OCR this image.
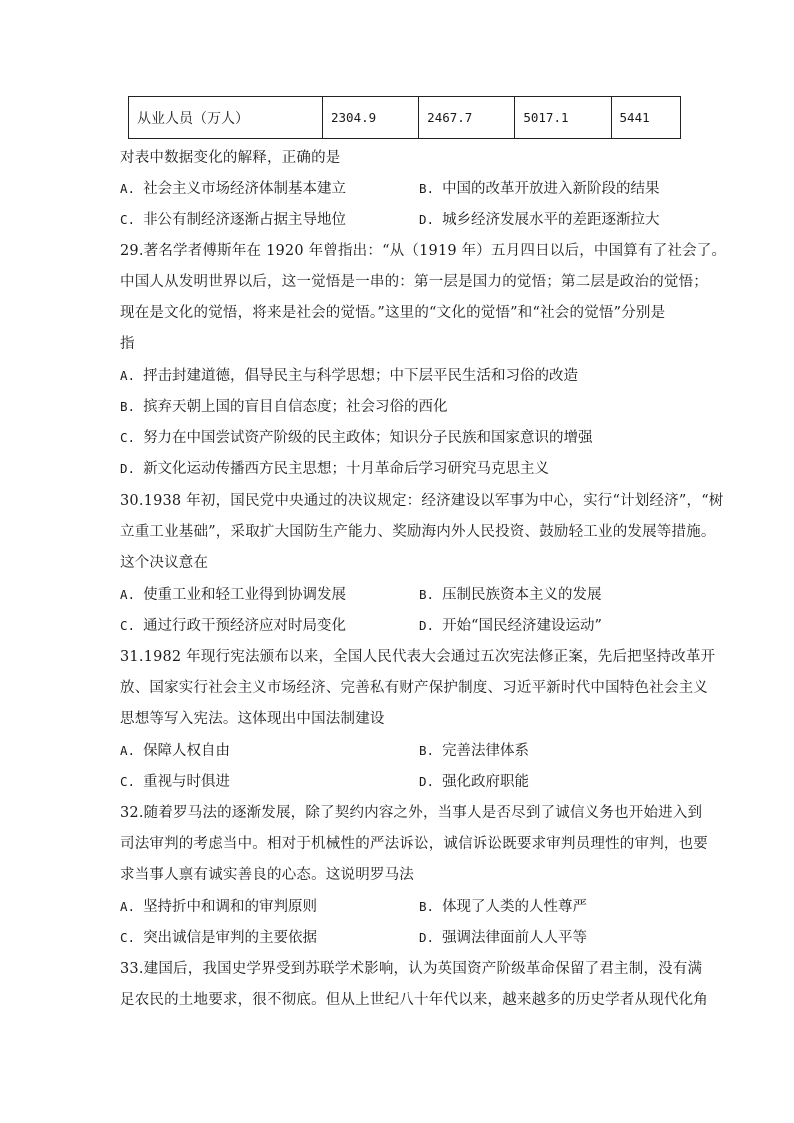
从业人员（万人）	2304.9	2467.7	5017.1	5441
对表中数据变化的解释，正确的是
A. 社会主义市场经济体制基本建立	B. 中国的改革开放进入新阶段的结果
C. 非公有制经济逐渐占据主导地位	D. 城乡经济发展水平的差距逐渐拉大
29.著名学者傅斯年在 1920 年曾指出：“从（1919 年）五月四日以后，中国算有了社会了。
中国人从发明世界以后，这一觉悟是一串的：第一层是国力的觉悟；第二层是政治的觉悟；
现在是文化的觉悟，将来是社会的觉悟。”这里的“文化的觉悟”和“社会的觉悟”分别是
指
A. 抨击封建道德，倡导民主与科学思想；中下层平民生活和习俗的改造
B. 摈弃天朝上国的盲目自信态度；社会习俗的西化
C. 努力在中国尝试资产阶级的民主政体；知识分子民族和国家意识的增强
D. 新文化运动传播西方民主思想；十月革命后学习研究马克思主义
30.1938 年初，国民党中央通过的决议规定：经济建设以军事为中心，实行“计划经济”，“树
立重工业基础”，采取扩大国防生产能力、奖励海内外人民投资、鼓励轻工业的发展等措施。
这个决议意在
A. 使重工业和轻工业得到协调发展	B. 压制民族资本主义的发展
C. 通过行政干预经济应对时局变化	D. 开始“国民经济建设运动”
31.1982 年现行宪法颁布以来，全国人民代表大会通过五次宪法修正案，先后把坚持改革开
放、国家实行社会主义市场经济、完善私有财产保护制度、习近平新时代中国特色社会主义
思想等写入宪法。这体现出中国法制建设
A. 保障人权自由	B. 完善法律体系
C. 重视与时俱进	D. 强化政府职能
32.随着罗马法的逐渐发展，除了契约内容之外，当事人是否尽到了诚信义务也开始进入到
司法审判的考虑当中。相对于机械性的严法诉讼，诚信诉讼既要求审判员理性的审判，也要
求当事人禀有诚实善良的心态。这说明罗马法
A. 坚持折中和调和的审判原则	B. 体现了人类的人性尊严
C. 突出诚信是审判的主要依据	D. 强调法律面前人人平等
33.建国后，我国史学界受到苏联学术影响，认为英国资产阶级革命保留了君主制，没有满
足农民的土地要求，很不彻底。但从上世纪八十年代以来，越来越多的历史学者从现代化角
